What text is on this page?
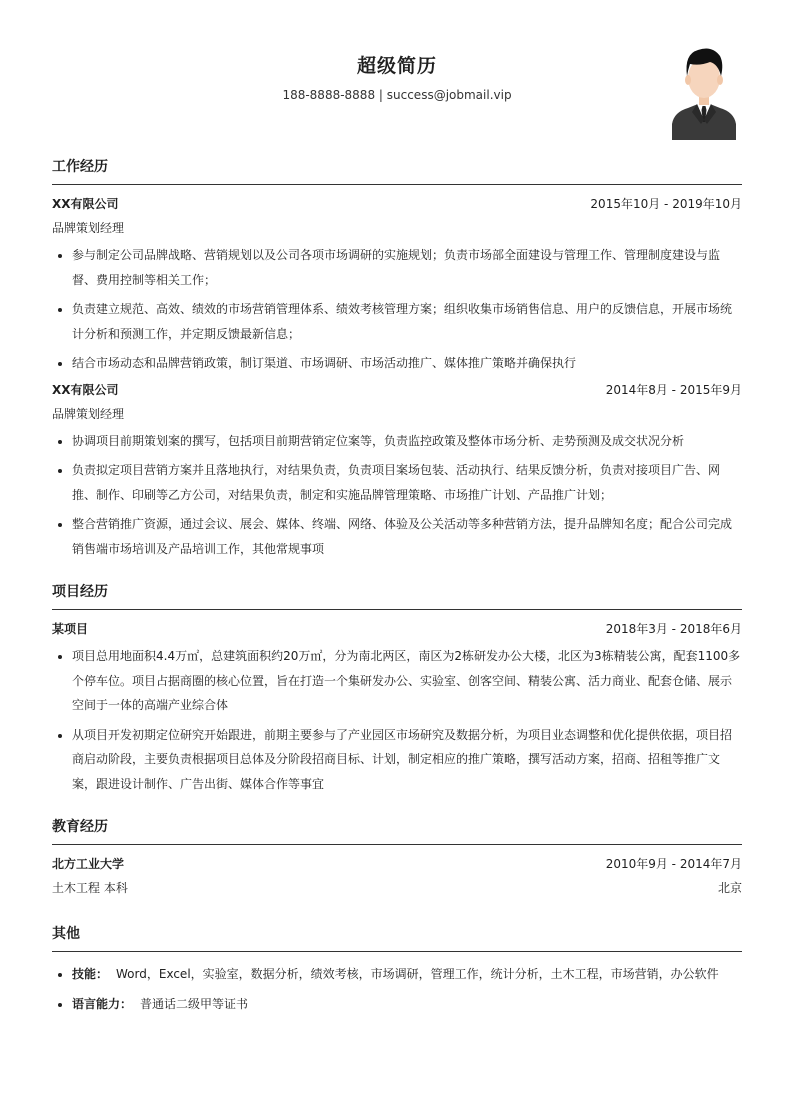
超级简历
188-8888-8888 | success@jobmail.vip
工作经历
XX有限公司	2015年10月 - 2019年10月
品牌策划经理
• 参与制定公司品牌战略、营销规划以及公司各项市场调研的实施规划；负责市场部全面建设与管理工作、管理制度建设与监督、费用控制等相关工作；
• 负责建立规范、高效、绩效的市场营销管理体系、绩效考核管理方案；组织收集市场销售信息、用户的反馈信息，开展市场统计分析和预测工作，并定期反馈最新信息；
• 结合市场动态和品牌营销政策，制订渠道、市场调研、市场活动推广、媒体推广策略并确保执行
XX有限公司	2014年8月 - 2015年9月
品牌策划经理
• 协调项目前期策划案的撰写，包括项目前期营销定位案等，负责监控政策及整体市场分析、走势预测及成交状况分析
• 负责拟定项目营销方案并且落地执行，对结果负责，负责项目案场包装、活动执行、结果反馈分析，负责对接项目广告、网推、制作、印刷等乙方公司，对结果负责，制定和实施品牌管理策略、市场推广计划、产品推广计划；
• 整合营销推广资源，通过会议、展会、媒体、终端、网络、体验及公关活动等多种营销方法，提升品牌知名度；配合公司完成销售端市场培训及产品培训工作，其他常规事项
项目经历
某项目	2018年3月 - 2018年6月
• 项目总用地面积4.4万㎡，总建筑面积约20万㎡，分为南北两区，南区为2栋研发办公大楼，北区为3栋精装公寓，配套1100多个停车位。项目占据商圈的核心位置，旨在打造一个集研发办公、实验室、创客空间、精装公寓、活力商业、配套仓储、展示空间于一体的高端产业综合体
• 从项目开发初期定位研究开始跟进，前期主要参与了产业园区市场研究及数据分析，为项目业态调整和优化提供依据，项目招商启动阶段，主要负责根据项目总体及分阶段招商目标、计划，制定相应的推广策略，撰写活动方案，招商、招租等推广文案，跟进设计制作、广告出街、媒体合作等事宜
教育经历
北方工业大学	2010年9月 - 2014年7月
土木工程 本科	北京
其他
• 技能： Word，Excel，实验室，数据分析，绩效考核，市场调研，管理工作，统计分析，土木工程，市场营销，办公软件
• 语言能力： 普通话二级甲等证书
